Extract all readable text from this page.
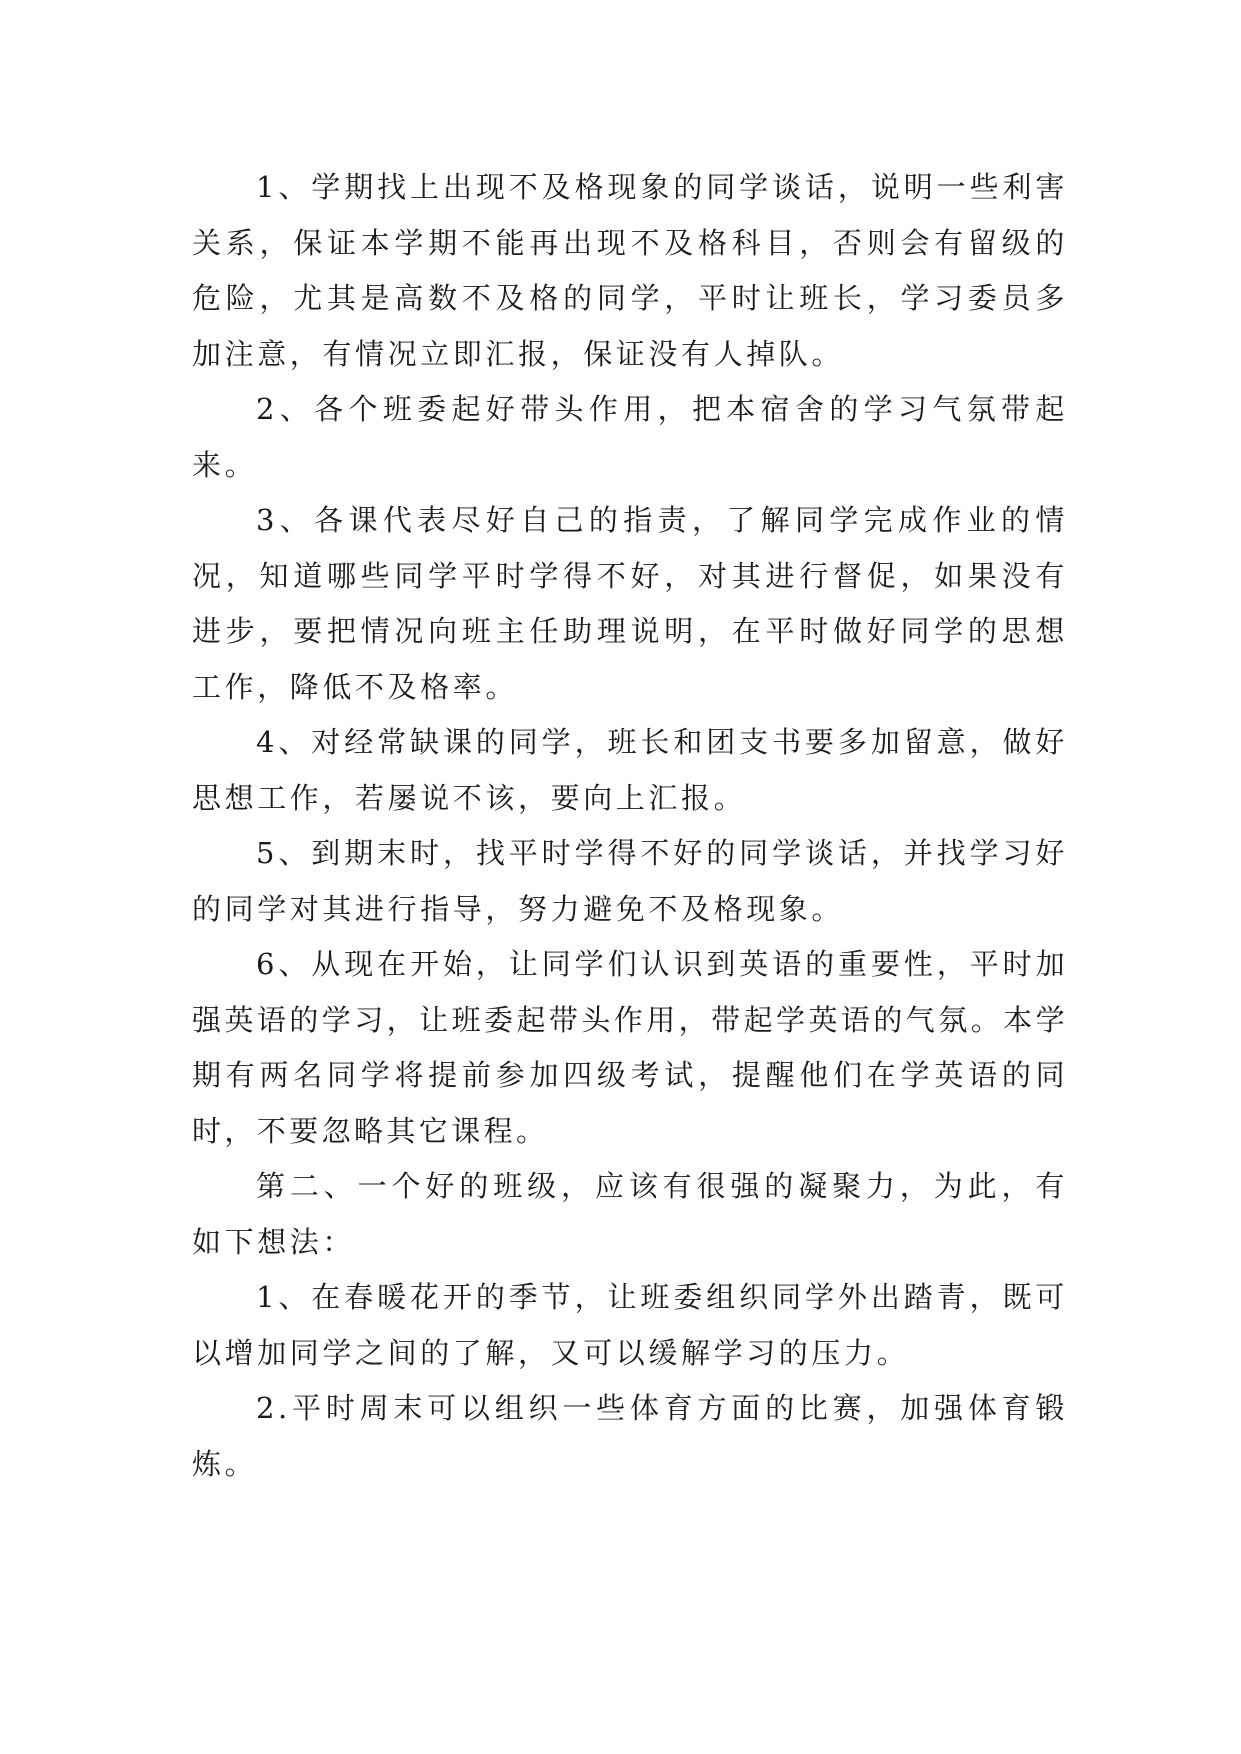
1、学期找上出现不及格现象的同学谈话，说明一些利害关系，保证本学期不能再出现不及格科目，否则会有留级的危险，尤其是高数不及格的同学，平时让班长，学习委员多加注意，有情况立即汇报，保证没有人掉队。

2、各个班委起好带头作用，把本宿舍的学习气氛带起来。

3、各课代表尽好自己的指责，了解同学完成作业的情况，知道哪些同学平时学得不好，对其进行督促，如果没有进步，要把情况向班主任助理说明，在平时做好同学的思想工作，降低不及格率。

4、对经常缺课的同学，班长和团支书要多加留意，做好思想工作，若屡说不该，要向上汇报。

5、到期末时，找平时学得不好的同学谈话，并找学习好的同学对其进行指导，努力避免不及格现象。

6、从现在开始，让同学们认识到英语的重要性，平时加强英语的学习，让班委起带头作用，带起学英语的气氛。本学期有两名同学将提前参加四级考试，提醒他们在学英语的同时，不要忽略其它课程。

第二、一个好的班级，应该有很强的凝聚力，为此，有如下想法：

1、在春暖花开的季节，让班委组织同学外出踏青，既可以增加同学之间的了解，又可以缓解学习的压力。

2.平时周末可以组织一些体育方面的比赛，加强体育锻炼。
